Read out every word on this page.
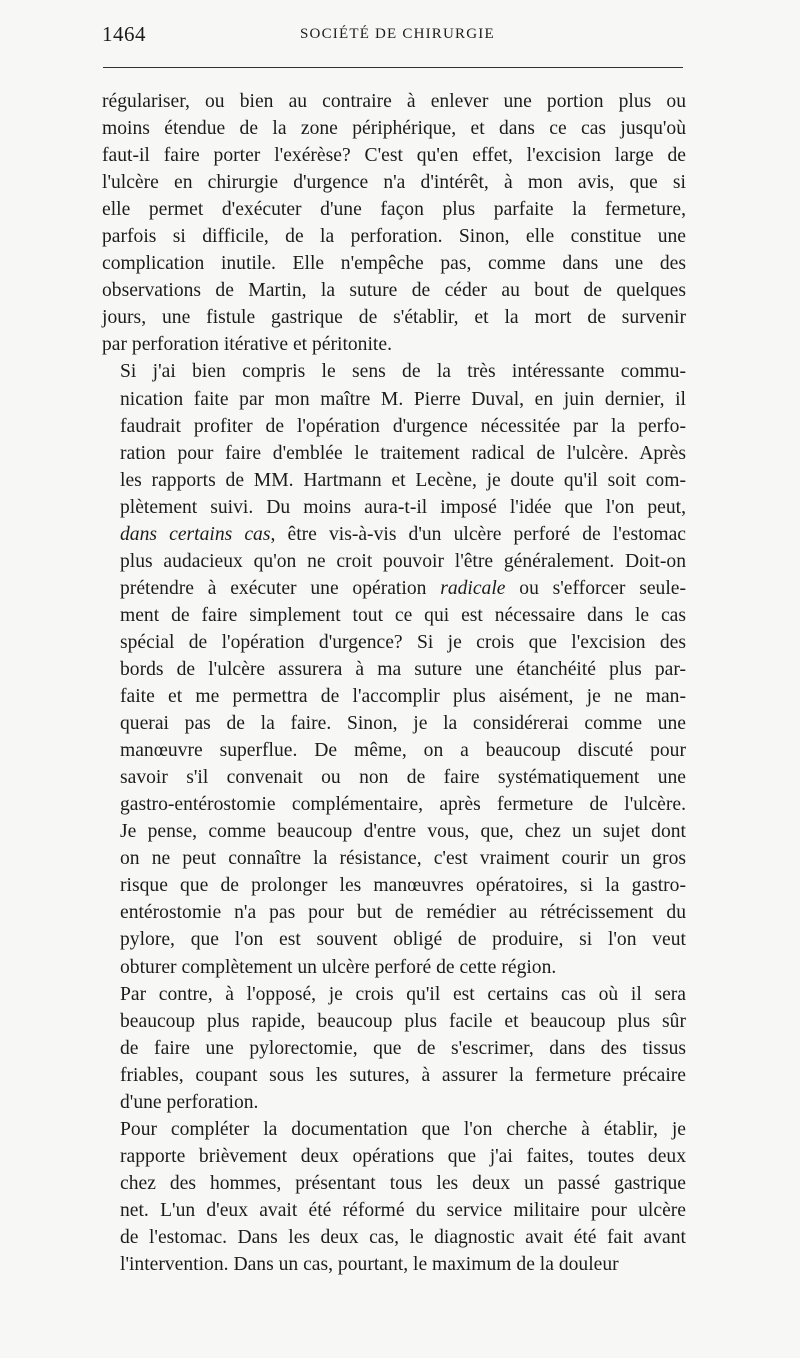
1464	SOCIÉTÉ DE CHIRURGIE
régulariser, ou bien au contraire à enlever une portion plus ou
moins étendue de la zone périphérique, et dans ce cas jusqu'où
faut-il faire porter l'exérèse? C'est qu'en effet, l'excision large de
l'ulcère en chirurgie d'urgence n'a d'intérêt, à mon avis, que si
elle permet d'exécuter d'une façon plus parfaite la fermeture,
parfois si difficile, de la perforation. Sinon, elle constitue une
complication inutile. Elle n'empêche pas, comme dans une des
observations de Martin, la suture de céder au bout de quelques
jours, une fistule gastrique de s'établir, et la mort de survenir
par perforation itérative et péritonite.
Si j'ai bien compris le sens de la très intéressante commu-
nication faite par mon maître M. Pierre Duval, en juin dernier, il
faudrait profiter de l'opération d'urgence nécessitée par la perfo-
ration pour faire d'emblée le traitement radical de l'ulcère. Après
les rapports de MM. Hartmann et Lecène, je doute qu'il soit com-
plètement suivi. Du moins aura-t-il imposé l'idée que l'on peut,
dans certains cas, être vis-à-vis d'un ulcère perforé de l'estomac
plus audacieux qu'on ne croit pouvoir l'être généralement. Doit-on
prétendre à exécuter une opération radicale ou s'efforcer seule-
ment de faire simplement tout ce qui est nécessaire dans le cas
spécial de l'opération d'urgence? Si je crois que l'excision des
bords de l'ulcère assurera à ma suture une étanchéité plus par-
faite et me permettra de l'accomplir plus aisément, je ne man-
querai pas de la faire. Sinon, je la considérerai comme une
manœuvre superflue. De même, on a beaucoup discuté pour
savoir s'il convenait ou non de faire systématiquement une
gastro-entérostomie complémentaire, après fermeture de l'ulcère.
Je pense, comme beaucoup d'entre vous, que, chez un sujet dont
on ne peut connaître la résistance, c'est vraiment courir un gros
risque que de prolonger les manœuvres opératoires, si la gastro-
entérostomie n'a pas pour but de remédier au rétrécissement du
pylore, que l'on est souvent obligé de produire, si l'on veut
obturer complètement un ulcère perforé de cette région.
Par contre, à l'opposé, je crois qu'il est certains cas où il sera
beaucoup plus rapide, beaucoup plus facile et beaucoup plus sûr
de faire une pylorectomie, que de s'escrimer, dans des tissus
friables, coupant sous les sutures, à assurer la fermeture précaire
d'une perforation.
Pour compléter la documentation que l'on cherche à établir, je
rapporte brièvement deux opérations que j'ai faites, toutes deux
chez des hommes, présentant tous les deux un passé gastrique
net. L'un d'eux avait été réformé du service militaire pour ulcère
de l'estomac. Dans les deux cas, le diagnostic avait été fait avant
l'intervention. Dans un cas, pourtant, le maximum de la douleur
